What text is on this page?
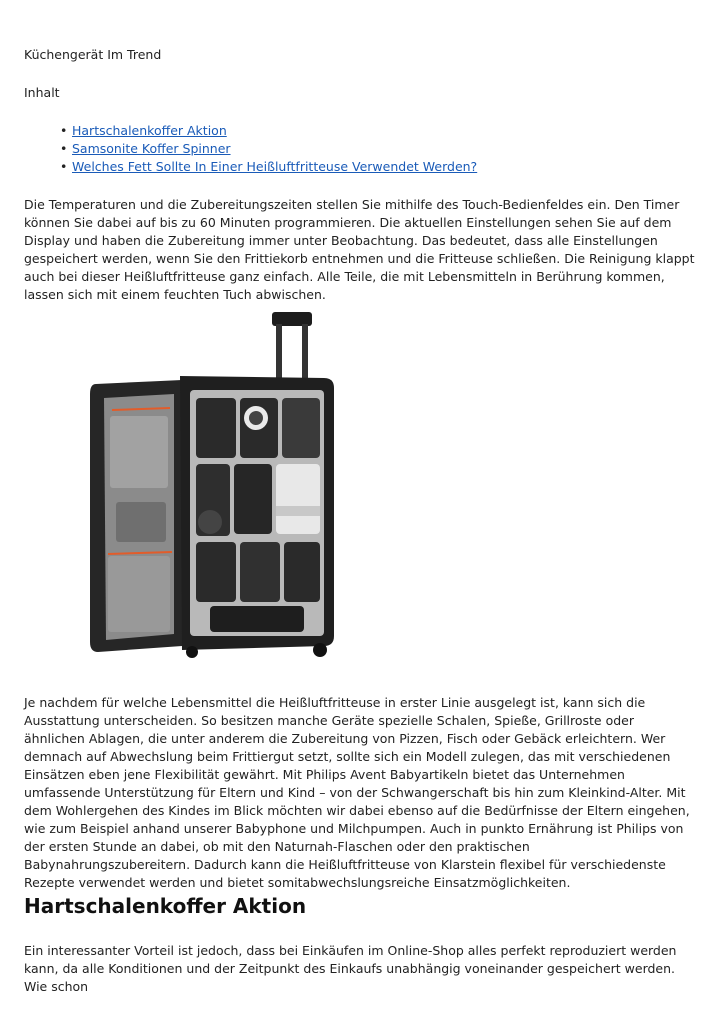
Küchengerät Im Trend

Inhalt

• Hartschalenkoffer Aktion
• Samsonite Koffer Spinner
• Welches Fett Sollte In Einer Heißluftfritteuse Verwendet Werden?

Die Temperaturen und die Zubereitungszeiten stellen Sie mithilfe des Touch-Bedienfeldes ein. Den Timer können Sie dabei auf bis zu 60 Minuten programmieren. Die aktuellen Einstellungen sehen Sie auf dem Display und haben die Zubereitung immer unter Beobachtung. Das bedeutet, dass alle Einstellungen gespeichert werden, wenn Sie den Frittiekorb entnehmen und die Fritteuse schließen. Die Reinigung klappt auch bei dieser Heißluftfritteuse ganz einfach. Alle Teile, die mit Lebensmitteln in Berührung kommen, lassen sich mit einem feuchten Tuch abwischen.

Je nachdem für welche Lebensmittel die Heißluftfritteuse in erster Linie ausgelegt ist, kann sich die Ausstattung unterscheiden. So besitzen manche Geräte spezielle Schalen, Spieße, Grillroste oder ähnlichen Ablagen, die unter anderem die Zubereitung von Pizzen, Fisch oder Gebäck erleichtern. Wer demnach auf Abwechslung beim Frittiergut setzt, sollte sich ein Modell zulegen, das mit verschiedenen Einsätzen eben jene Flexibilität gewährt. Mit Philips Avent Babyartikeln bietet das Unternehmen umfassende Unterstützung für Eltern und Kind – von der Schwangerschaft bis hin zum Kleinkind-Alter. Mit dem Wohlergehen des Kindes im Blick möchten wir dabei ebenso auf die Bedürfnisse der Eltern eingehen, wie zum Beispiel anhand unserer Babyphone und Milchpumpen. Auch in punkto Ernährung ist Philips von der ersten Stunde an dabei, ob mit den Naturnah-Flaschen oder den praktischen Babynahrungszubereitern. Dadurch kann die Heißluftfritteuse von Klarstein flexibel für verschiedenste Rezepte verwendet werden und bietet somitabwechslungsreiche Einsatzmöglichkeiten.

Hartschalenkoffer Aktion

Ein interessanter Vorteil ist jedoch, dass bei Einkäufen im Online-Shop alles perfekt reproduziert werden kann, da alle Konditionen und der Zeitpunkt des Einkaufs unabhängig voneinander gespeichert werden. Wie schon
